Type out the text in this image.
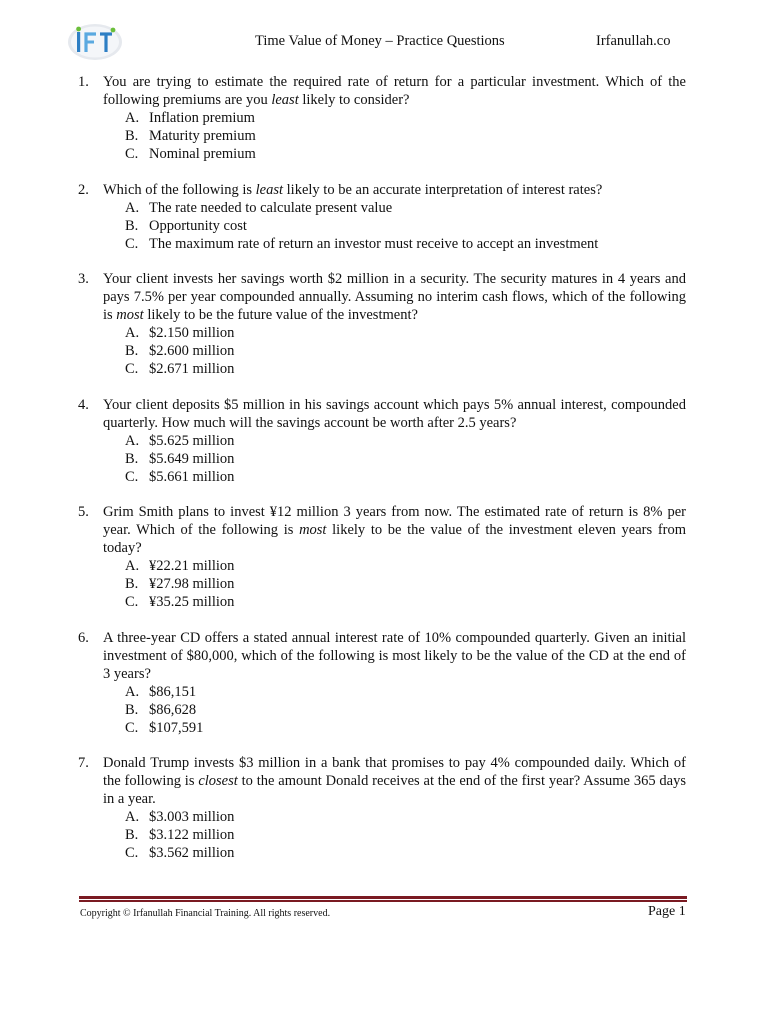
Time Value of Money – Practice Questions	Irfanullah.co
1. You are trying to estimate the required rate of return for a particular investment. Which of the following premiums are you least likely to consider?
A. Inflation premium
B. Maturity premium
C. Nominal premium
2. Which of the following is least likely to be an accurate interpretation of interest rates?
A. The rate needed to calculate present value
B. Opportunity cost
C. The maximum rate of return an investor must receive to accept an investment
3. Your client invests her savings worth $2 million in a security. The security matures in 4 years and pays 7.5% per year compounded annually. Assuming no interim cash flows, which of the following is most likely to be the future value of the investment?
A. $2.150 million
B. $2.600 million
C. $2.671 million
4. Your client deposits $5 million in his savings account which pays 5% annual interest, compounded quarterly. How much will the savings account be worth after 2.5 years?
A. $5.625 million
B. $5.649 million
C. $5.661 million
5. Grim Smith plans to invest ¥12 million 3 years from now. The estimated rate of return is 8% per year. Which of the following is most likely to be the value of the investment eleven years from today?
A. ¥22.21 million
B. ¥27.98 million
C. ¥35.25 million
6. A three-year CD offers a stated annual interest rate of 10% compounded quarterly. Given an initial investment of $80,000, which of the following is most likely to be the value of the CD at the end of 3 years?
A. $86,151
B. $86,628
C. $107,591
7. Donald Trump invests $3 million in a bank that promises to pay 4% compounded daily. Which of the following is closest to the amount Donald receives at the end of the first year? Assume 365 days in a year.
A. $3.003 million
B. $3.122 million
C. $3.562 million
Copyright © Irfanullah Financial Training. All rights reserved.	Page 1
